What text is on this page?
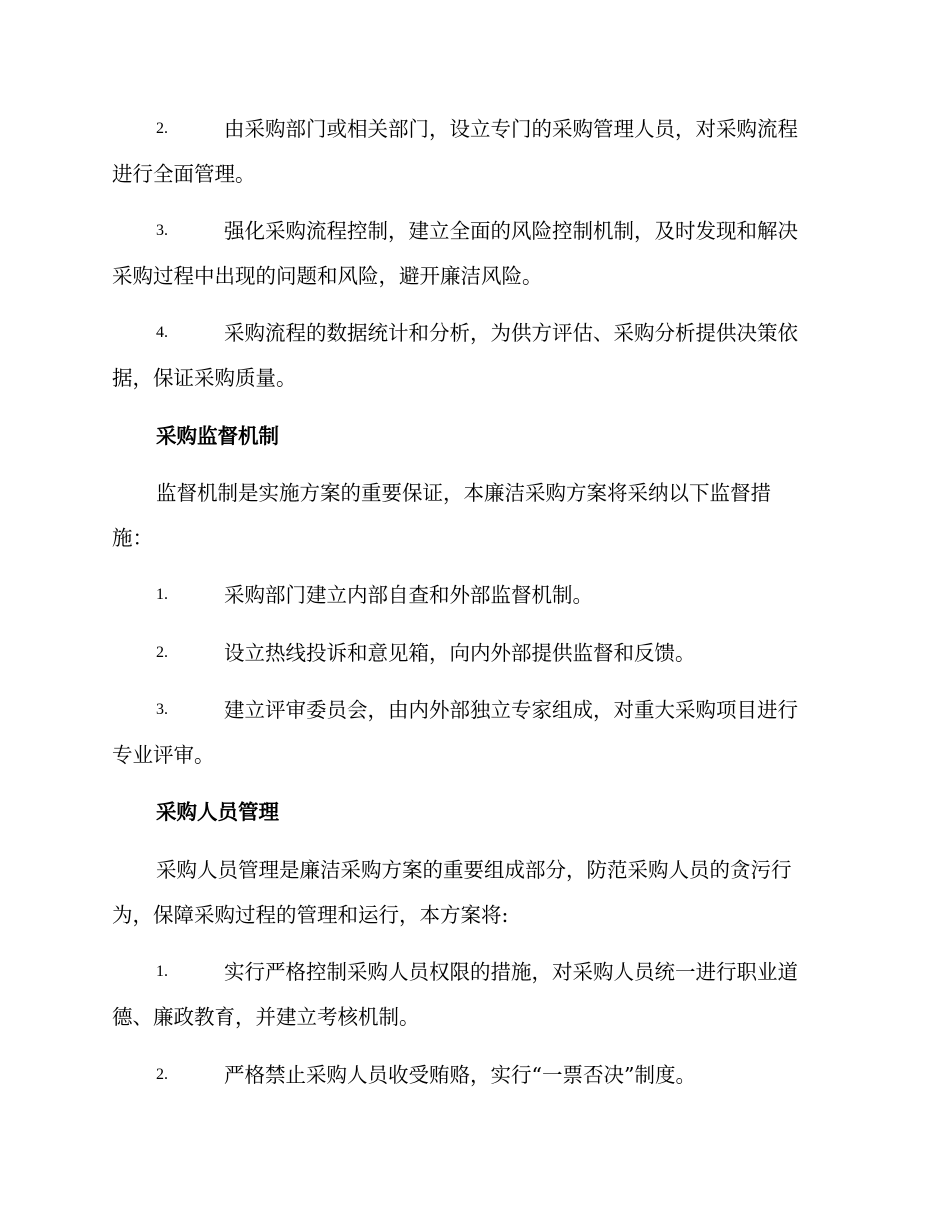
2.	由采购部门或相关部门，设立专门的采购管理人员，对采购流程
进行全面管理。
3.	强化采购流程控制，建立全面的风险控制机制，及时发现和解决
采购过程中出现的问题和风险，避开廉洁风险。
4.	采购流程的数据统计和分析，为供方评估、采购分析提供决策依
据，保证采购质量。
采购监督机制
监督机制是实施方案的重要保证，本廉洁采购方案将采纳以下监督措
施：
1.	采购部门建立内部自查和外部监督机制。
2.	设立热线投诉和意见箱，向内外部提供监督和反馈。
3.	建立评审委员会，由内外部独立专家组成，对重大采购项目进行
专业评审。
采购人员管理
采购人员管理是廉洁采购方案的重要组成部分，防范采购人员的贪污行
为，保障采购过程的管理和运行，本方案将:
1.	实行严格控制采购人员权限的措施，对采购人员统一进行职业道
德、廉政教育，并建立考核机制。
2.	严格禁止采购人员收受贿赂，实行“一票否决”制度。
